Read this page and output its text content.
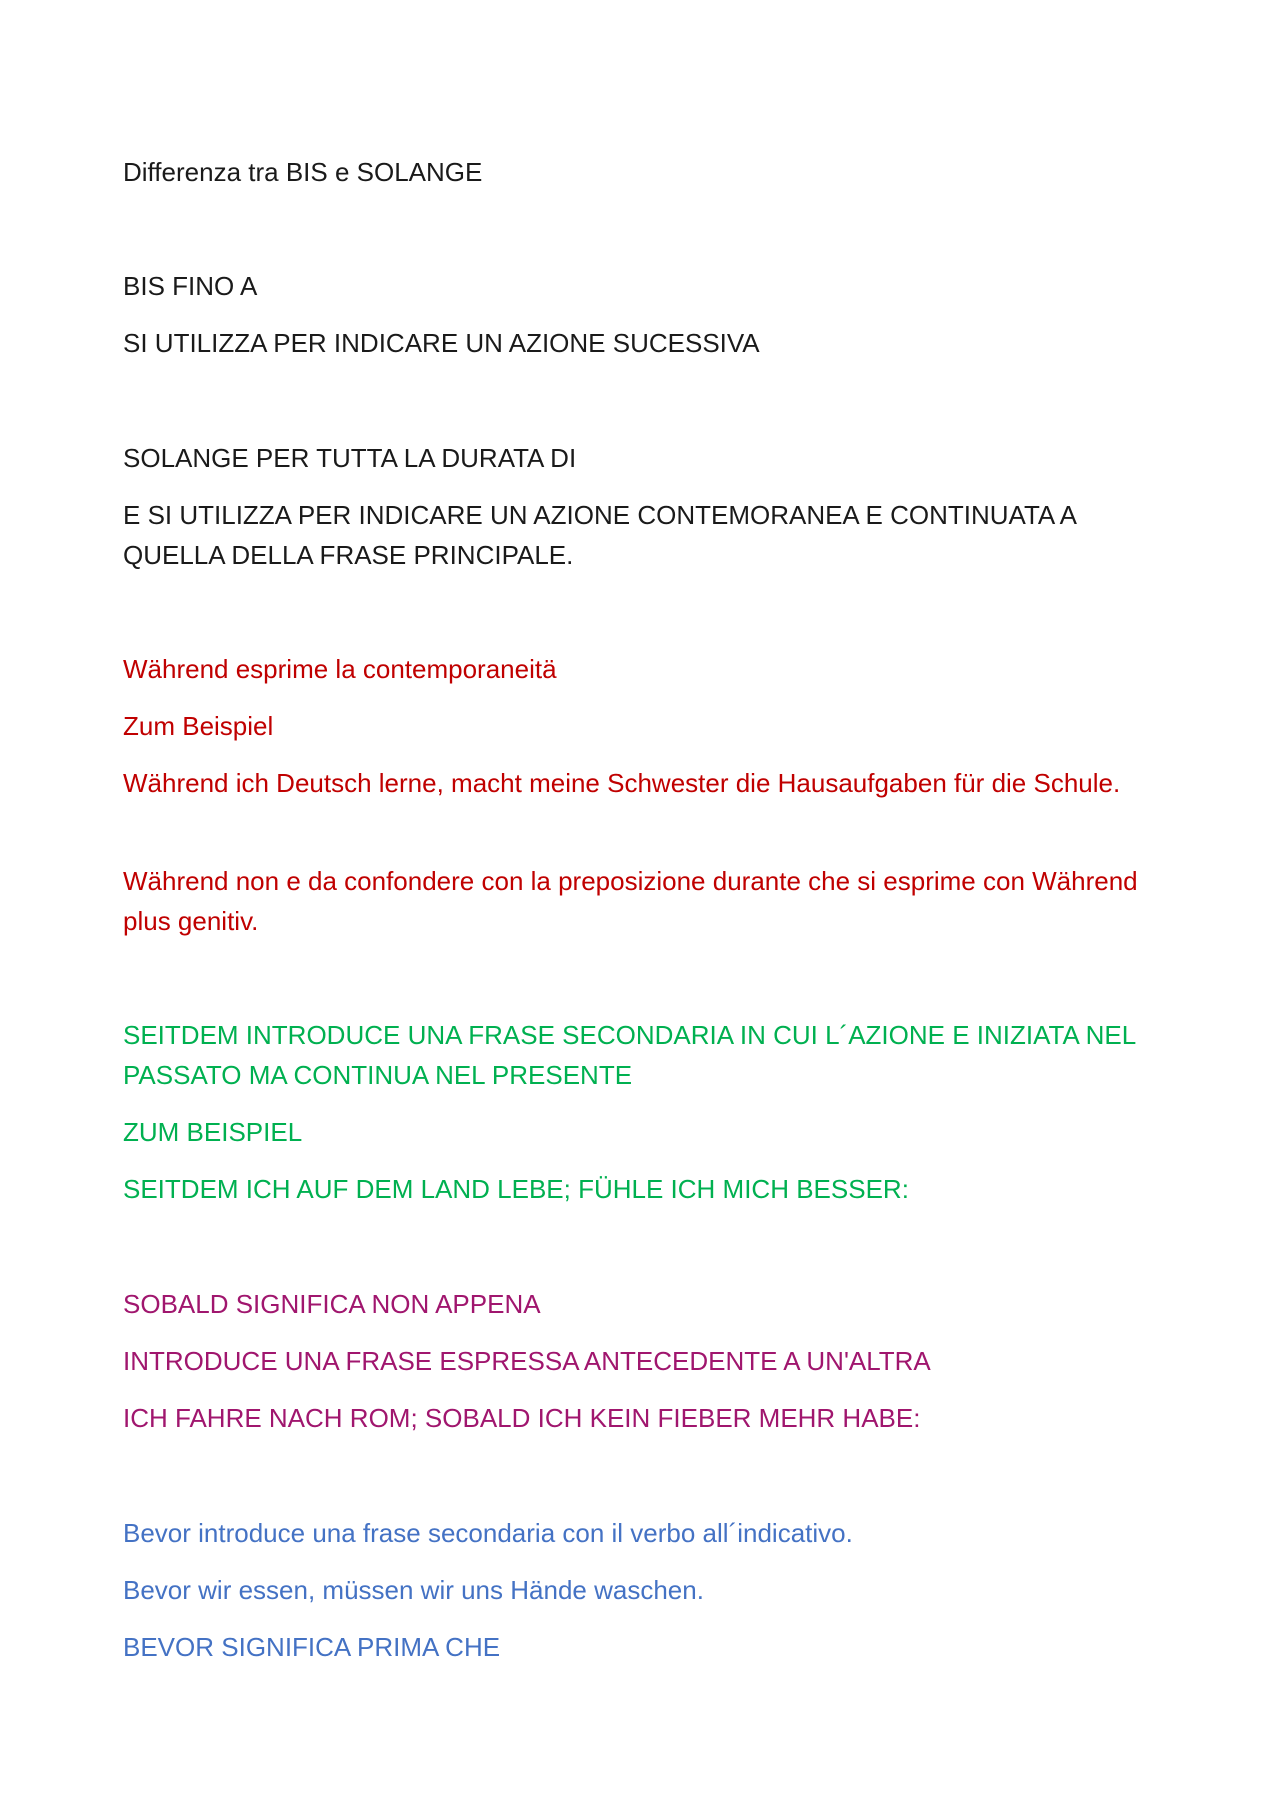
Differenza tra BIS e SOLANGE

BIS FINO A

SI UTILIZZA PER INDICARE UN AZIONE SUCESSIVA

SOLANGE PER TUTTA LA DURATA DI

E SI UTILIZZA PER INDICARE UN AZIONE CONTEMORANEA E CONTINUATA A QUELLA DELLA FRASE PRINCIPALE.

Während esprime la contemporaneitä

Zum Beispiel

Während ich Deutsch lerne, macht meine Schwester die Hausaufgaben für die Schule.

Während non e da confondere con la preposizione durante che si esprime con Während plus genitiv.

SEITDEM INTRODUCE UNA FRASE SECONDARIA IN CUI L´AZIONE E INIZIATA NEL PASSATO MA CONTINUA NEL PRESENTE

ZUM BEISPIEL

SEITDEM ICH AUF DEM LAND LEBE; FÜHLE ICH MICH BESSER:

SOBALD SIGNIFICA NON APPENA

INTRODUCE UNA FRASE ESPRESSA ANTECEDENTE A UN'ALTRA

ICH FAHRE NACH ROM; SOBALD ICH KEIN FIEBER MEHR HABE:

Bevor introduce una frase secondaria con il verbo all´indicativo.

Bevor wir essen, müssen wir uns Hände waschen.

BEVOR SIGNIFICA PRIMA CHE
